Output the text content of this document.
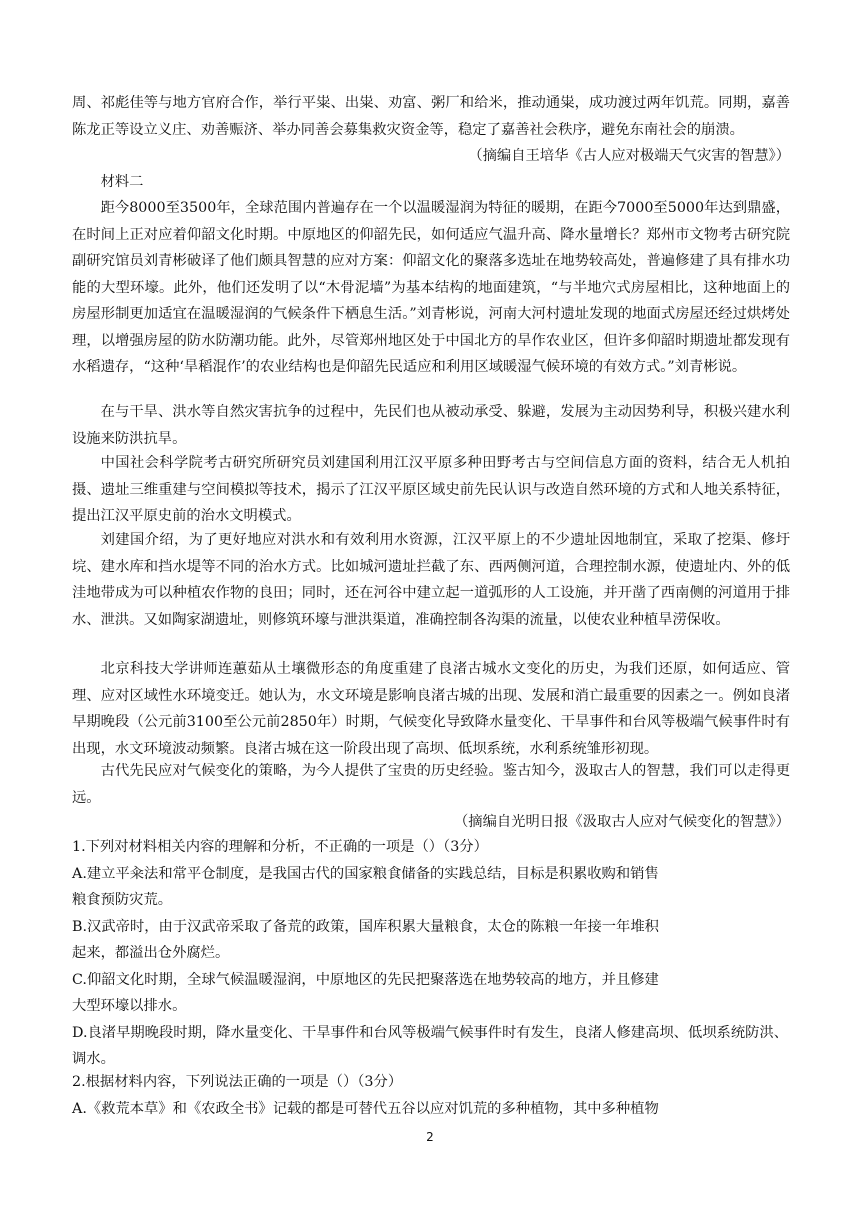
周、祁彪佳等与地方官府合作，举行平粜、出粜、劝富、粥厂和给米，推动通粜，成功渡过两年饥荒。同期，嘉善陈龙正等设立义庄、劝善赈济、举办同善会募集救灾资金等，稳定了嘉善社会秩序，避免东南社会的崩溃。
（摘编自王培华《古人应对极端天气灾害的智慧》）
材料二
距今8000至3500年，全球范围内普遍存在一个以温暖湿润为特征的暖期，在距今7000至5000年达到鼎盛，在时间上正对应着仰韶文化时期。中原地区的仰韶先民，如何适应气温升高、降水量增长？郑州市文物考古研究院副研究馆员刘青彬破译了他们颇具智慧的应对方案：仰韶文化的聚落多选址在地势较高处，普遍修建了具有排水功能的大型环壕。此外，他们还发明了以“木骨泥墙”为基本结构的地面建筑，“与半地穴式房屋相比，这种地面上的房屋形制更加适宜在温暖湿润的气候条件下栖息生活。”刘青彬说，河南大河村遗址发现的地面式房屋还经过烘烤处理，以增强房屋的防水防潮功能。此外，尽管郑州地区处于中国北方的旱作农业区，但许多仰韶时期遗址都发现有水稻遗存，“这种‘旱稻混作’的农业结构也是仰韶先民适应和利用区域暖湿气候环境的有效方式。”刘青彬说。
在与干旱、洪水等自然灾害抗争的过程中，先民们也从被动承受、躲避，发展为主动因势利导，积极兴建水利设施来防洪抗旱。
中国社会科学院考古研究所研究员刘建国利用江汉平原多种田野考古与空间信息方面的资料，结合无人机拍摄、遗址三维重建与空间模拟等技术，揭示了江汉平原区域史前先民认识与改造自然环境的方式和人地关系特征，提出江汉平原史前的治水文明模式。
刘建国介绍，为了更好地应对洪水和有效利用水资源，江汉平原上的不少遗址因地制宜，采取了挖渠、修圩垸、建水库和挡水堤等不同的治水方式。比如城河遗址拦截了东、西两侧河道，合理控制水源，使遗址内、外的低洼地带成为可以种植农作物的良田；同时，还在河谷中建立起一道弧形的人工设施，并开凿了西南侧的河道用于排水、泄洪。又如陶家湖遗址，则修筑环壕与泄洪渠道，准确控制各沟渠的流量，以使农业种植旱涝保收。
北京科技大学讲师连蕙茹从土壤微形态的角度重建了良渚古城水文变化的历史，为我们还原，如何适应、管理、应对区域性水环境变迁。她认为，水文环境是影响良渚古城的出现、发展和消亡最重要的因素之一。例如良渚早期晚段（公元前3100至公元前2850年）时期，气候变化导致降水量变化、干旱事件和台风等极端气候事件时有出现，水文环境波动频繁。良渚古城在这一阶段出现了高坝、低坝系统，水利系统雏形初现。
古代先民应对气候变化的策略，为今人提供了宝贵的历史经验。鉴古知今，汲取古人的智慧，我们可以走得更远。
（摘编自光明日报《汲取古人应对气候变化的智慧》）
1.下列对材料相关内容的理解和分析，不正确的一项是（）（3分）
A.建立平籴法和常平仓制度，是我国古代的国家粮食储备的实践总结，目标是积累收购和销售
粮食预防灾荒。
B.汉武帝时，由于汉武帝采取了备荒的政策，国库积累大量粮食，太仓的陈粮一年接一年堆积
起来，都溢出仓外腐烂。
C.仰韶文化时期，全球气候温暖湿润，中原地区的先民把聚落选在地势较高的地方，并且修建
大型环壕以排水。
D.良渚早期晚段时期，降水量变化、干旱事件和台风等极端气候事件时有发生，良渚人修建高坝、低坝系统防洪、调水。
2.根据材料内容，下列说法正确的一项是（）（3分）
A.《救荒本草》和《农政全书》记载的都是可替代五谷以应对饥荒的多种植物，其中多种植物
2
